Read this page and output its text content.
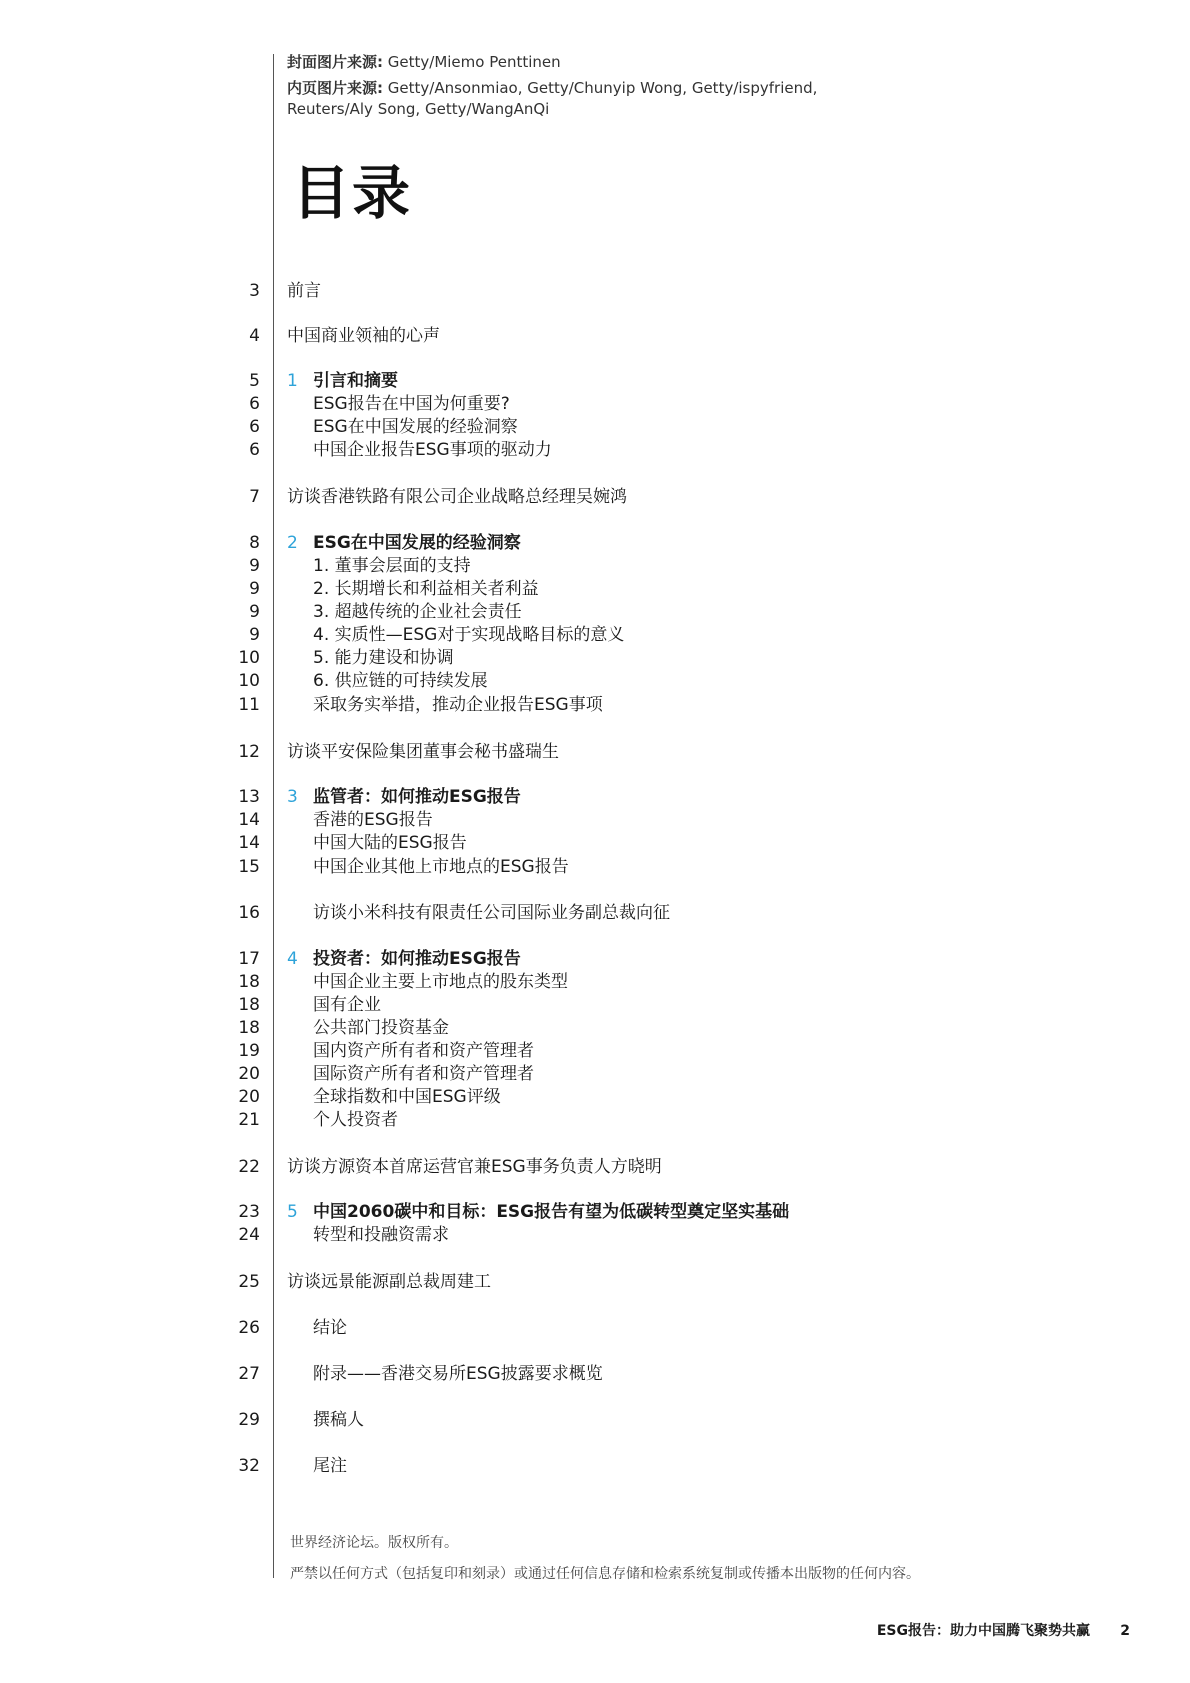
封面图片来源: Getty/Miemo Penttinen
内页图片来源: Getty/Ansonmiao, Getty/Chunyip Wong, Getty/ispyfriend,
Reuters/Aly Song, Getty/WangAnQi
目录
3 前言
4 中国商业领袖的心声
5 1 引言和摘要
6	ESG报告在中国为何重要?
6	ESG在中国发展的经验洞察
6	中国企业报告ESG事项的驱动力
7 访谈香港铁路有限公司企业战略总经理吴婉鸿
8 2 ESG在中国发展的经验洞察
9	1. 董事会层面的支持
9	2. 长期增长和利益相关者利益
9	3. 超越传统的企业社会责任
9	4. 实质性—ESG对于实现战略目标的意义
10	5. 能力建设和协调
10	6. 供应链的可持续发展
11	采取务实举措，推动企业报告ESG事项
12 访谈平安保险集团董事会秘书盛瑞生
13 3 监管者：如何推动ESG报告
14	香港的ESG报告
14	中国大陆的ESG报告
15	中国企业其他上市地点的ESG报告
16	访谈小米科技有限责任公司国际业务副总裁向征
17 4 投资者：如何推动ESG报告
18	中国企业主要上市地点的股东类型
18	国有企业
18	公共部门投资基金
19	国内资产所有者和资产管理者
20	国际资产所有者和资产管理者
20	全球指数和中国ESG评级
21	个人投资者
22 访谈方源资本首席运营官兼ESG事务负责人方晓明
23 5 中国2060碳中和目标：ESG报告有望为低碳转型奠定坚实基础
24	转型和投融资需求
25 访谈远景能源副总裁周建工
26	结论
27	附录——香港交易所ESG披露要求概览
29	撰稿人
32	尾注
世界经济论坛。版权所有。
严禁以任何方式（包括复印和刻录）或通过任何信息存储和检索系统复制或传播本出版物的任何内容。
ESG报告：助力中国腾飞聚势共赢	2
